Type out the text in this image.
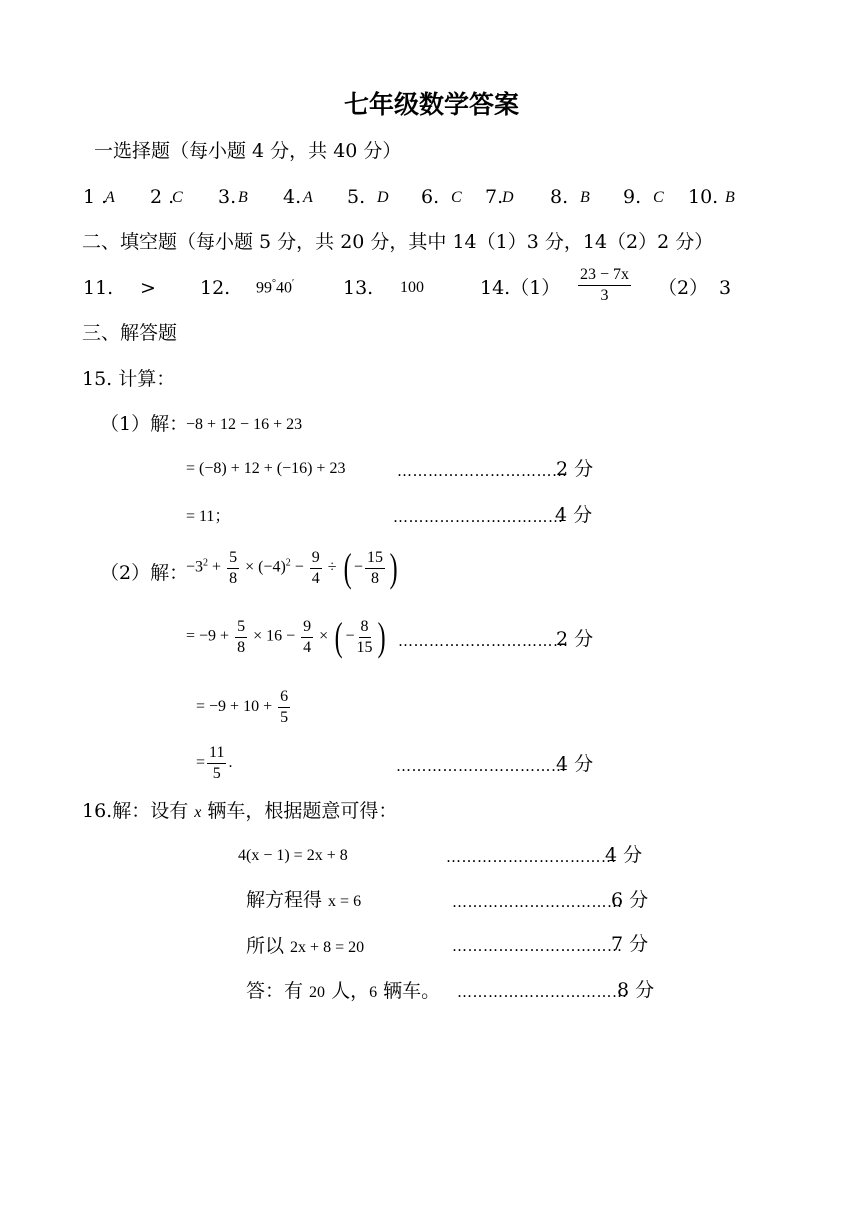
七年级数学答案
一选择题（每小题 4 分，共 40 分）
1 .
A 2 .
C 3. B 4. A 5. D 6. C 7.
D 8. B 9. C 10. B
二、填空题（每小题 5 分，共 20 分，其中 14（1）3 分，14（2）2 分）
11. > 12. 99°40′	13. 100	$14.(1) \frac{23 - 7x}{3} (2)$ 3
三、解答题
15. 计算：
（1）解：
−8 + 12 − 16 + 23
= (−8) + 12 + (−16) + 23	……………………………
2 分
= 11；	……………………………
4 分
（2）解：
$-3^2 + \frac{5}{8} \times (-4)^2 - \frac{9}{4}$ ÷ ( − $\frac{15}{8}$ )
= $-9 + \frac{5}{8} \times 16 - \frac{9}{4}$ × ( − $\frac{8}{15}$ ) ……………………………
2 分
= $-9 + 10 + \frac{6}{5}$
= $\frac{11}{5}$ .	……………………………
4 分
16.解：设有 x 辆车，根据题意可得：
4(x − 1) = 2x + 8	……………………………
4 分
解方程得 x = 6	……………………………
6 分
所以 2x + 8 = 20	……………………………
7 分
答：有 20 人，6 辆车。 ……………………………
8 分
